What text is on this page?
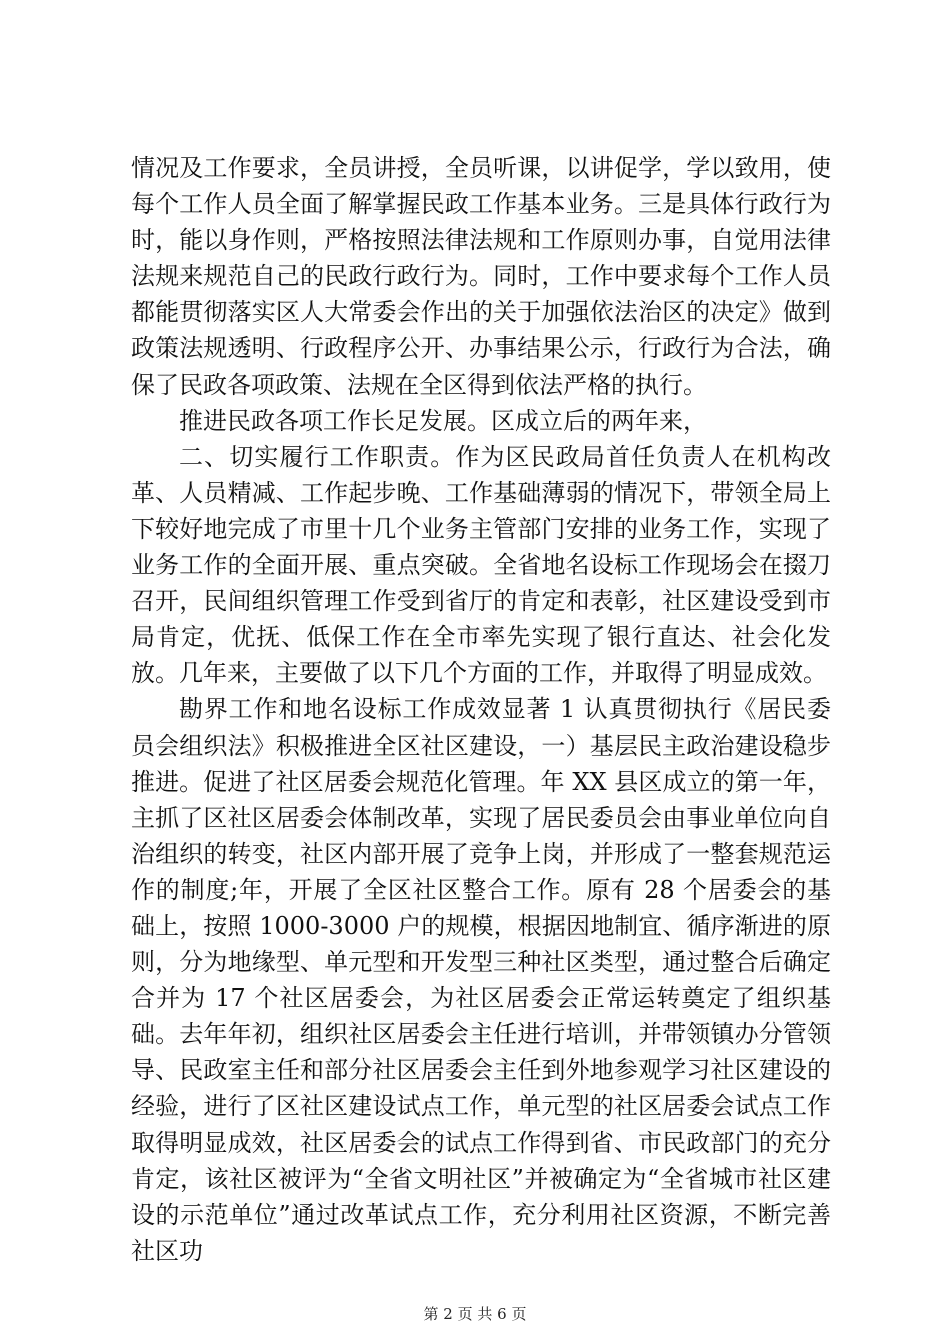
情况及工作要求，全员讲授，全员听课，以讲促学，学以致用，使每个工作人员全面了解掌握民政工作基本业务。三是具体行政行为时，能以身作则，严格按照法律法规和工作原则办事，自觉用法律法规来规范自己的民政行政行为。同时，工作中要求每个工作人员都能贯彻落实区人大常委会作出的关于加强依法治区的决定》做到政策法规透明、行政程序公开、办事结果公示，行政行为合法，确保了民政各项政策、法规在全区得到依法严格的执行。

推进民政各项工作长足发展。区成立后的两年来，

二、切实履行工作职责。作为区民政局首任负责人在机构改革、人员精减、工作起步晚、工作基础薄弱的情况下，带领全局上下较好地完成了市里十几个业务主管部门安排的业务工作，实现了业务工作的全面开展、重点突破。全省地名设标工作现场会在掇刀召开，民间组织管理工作受到省厅的肯定和表彰，社区建设受到市局肯定，优抚、低保工作在全市率先实现了银行直达、社会化发放。几年来，主要做了以下几个方面的工作，并取得了明显成效。

勘界工作和地名设标工作成效显著 1 认真贯彻执行《居民委员会组织法》积极推进全区社区建设，一）基层民主政治建设稳步推进。促进了社区居委会规范化管理。年 XX 县区成立的第一年，主抓了区社区居委会体制改革，实现了居民委员会由事业单位向自治组织的转变，社区内部开展了竞争上岗，并形成了一整套规范运作的制度;年，开展了全区社区整合工作。原有 28 个居委会的基础上，按照 1000-3000 户的规模，根据因地制宜、循序渐进的原则，分为地缘型、单元型和开发型三种社区类型，通过整合后确定合并为 17 个社区居委会，为社区居委会正常运转奠定了组织基础。去年年初，组织社区居委会主任进行培训，并带领镇办分管领导、民政室主任和部分社区居委会主任到外地参观学习社区建设的经验，进行了区社区建设试点工作，单元型的社区居委会试点工作取得明显成效，社区居委会的试点工作得到省、市民政部门的充分肯定，该社区被评为“全省文明社区”并被确定为“全省城市社区建设的示范单位”通过改革试点工作，充分利用社区资源，不断完善社区功

第 2 页 共 6 页
